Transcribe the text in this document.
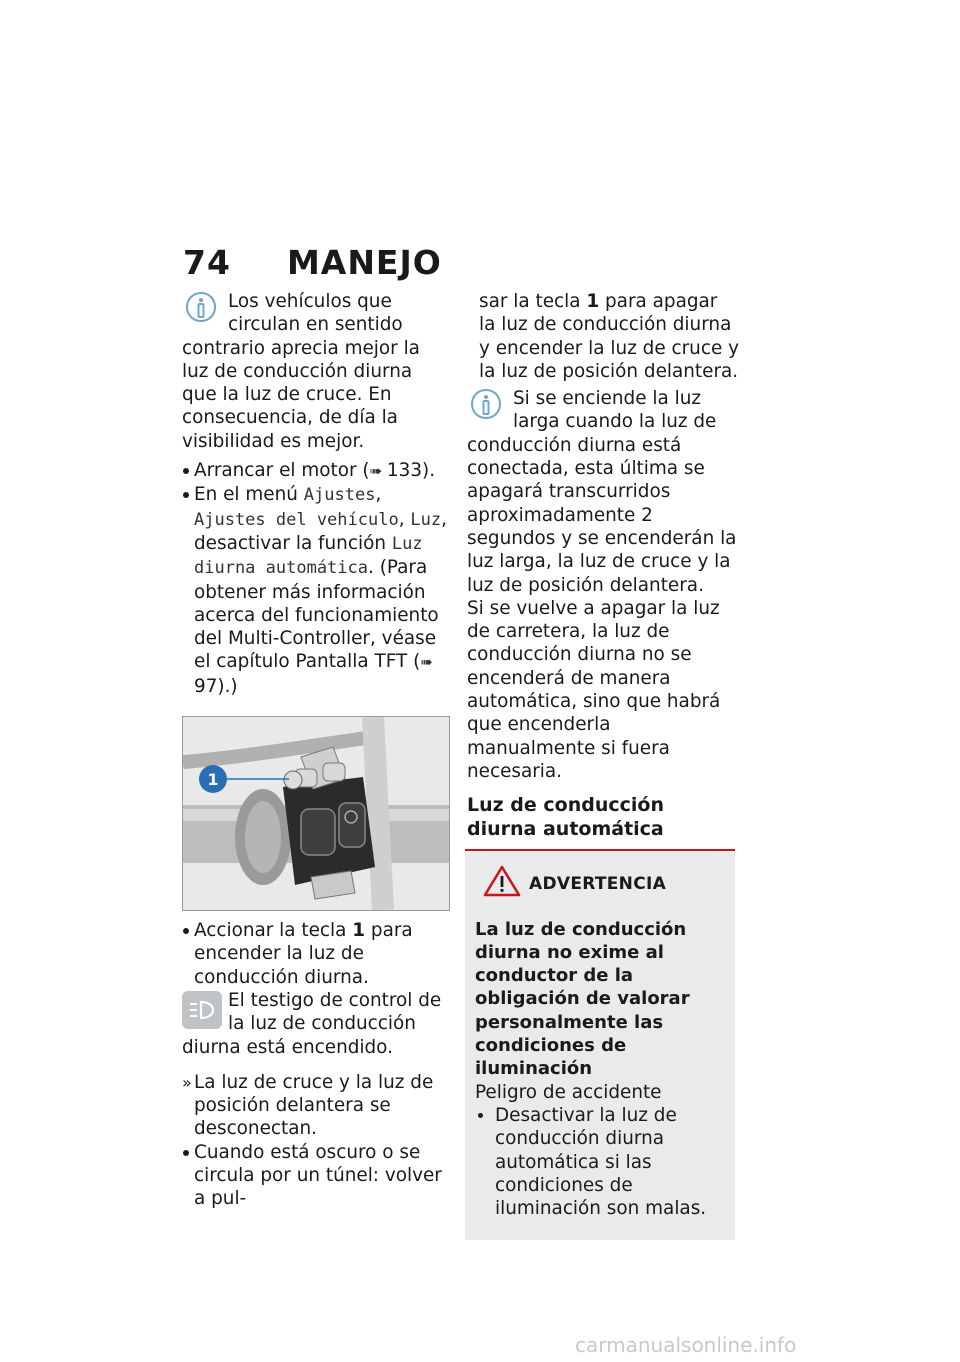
74 MANEJO

Los vehículos que circulan en sentido contrario aprecia mejor la luz de conducción diurna que la luz de cruce. En consecuencia, de día la visibilidad es mejor.

Arrancar el motor (➠ 133).
En el menú Ajustes, Ajustes del vehículo, Luz, desactivar la función Luz diurna automática. (Para obtener más información acerca del funcionamiento del Multi-Controller, véase el capítulo Pantalla TFT (➠ 97).)
1
Accionar la tecla 1 para encender la luz de conducción diurna.

El testigo de control de la luz de conducción diurna está encendido.

» La luz de cruce y la luz de posición delantera se desconectan.
Cuando está oscuro o se circula por un túnel: volver a pul-

sar la tecla 1 para apagar la luz de conducción diurna y encender la luz de cruce y la luz de posición delantera.

Si se enciende la luz larga cuando la luz de conducción diurna está conectada, esta última se apagará transcurridos aproximadamente 2 segundos y se encenderán la luz larga, la luz de cruce y la luz de posición delantera.

Si se vuelve a apagar la luz de carretera, la luz de conducción diurna no se encenderá de manera automática, sino que habrá que encenderla manualmente si fuera necesaria.

Luz de conducción diurna automática
ADVERTENCIA

La luz de conducción diurna no exime al conductor de la obligación de valorar personalmente las condiciones de iluminación

Peligro de accidente

Desactivar la luz de conducción diurna automática si las condiciones de iluminación son malas.
carmanualsonline.info
